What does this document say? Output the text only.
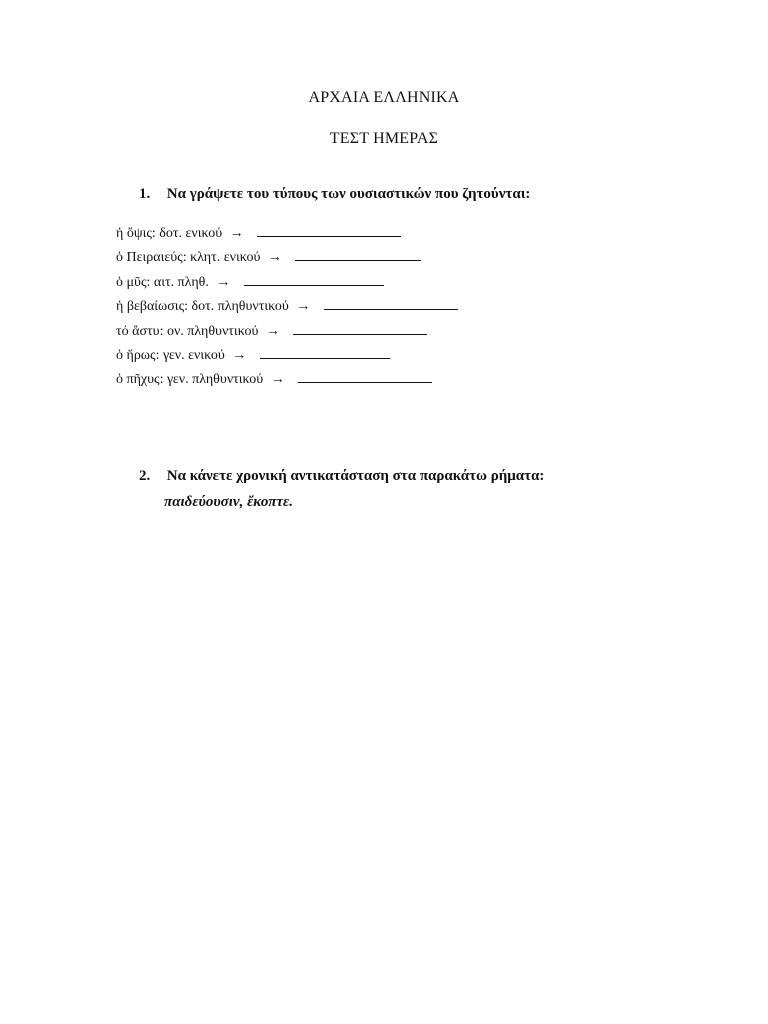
ΑΡΧΑΙΑ ΕΛΛΗΝΙΚΑ
ΤΕΣΤ ΗΜΕΡΑΣ
1. Να γράψετε του τύπους των ουσιαστικών που ζητούνται:
ἡ ὄψις: δοτ. ενικού →
ὁ Πειραιεύς: κλητ. ενικού →
ὁ μῦς: αιτ. πληθ. →
ἡ βεβαίωσις: δοτ. πληθυντικού →
τό ἄστυ: ον. πληθυντικού →
ὁ ἥρως: γεν. ενικού →
ὁ πῆχυς: γεν. πληθυντικού →
2. Να κάνετε χρονική αντικατάσταση στα παρακάτω ρήματα:
παιδεύουσιν, ἔκοπτε.
